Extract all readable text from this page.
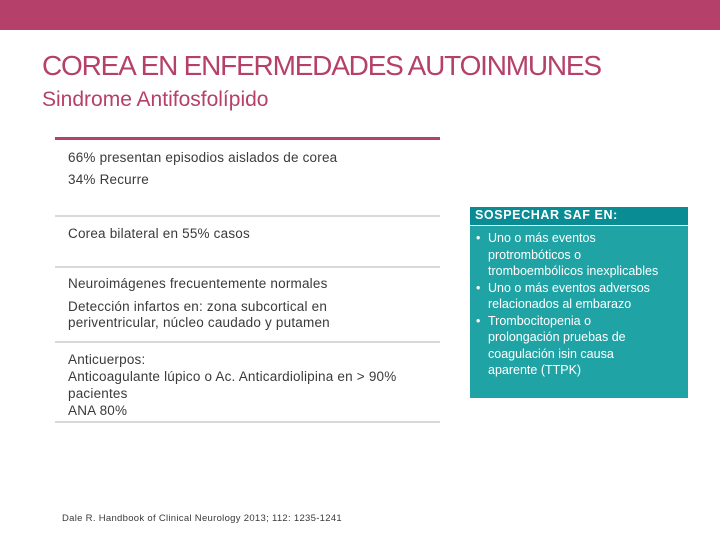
COREA EN ENFERMEDADES AUTOINMUNES
Sindrome Antifosfolípido
66% presentan episodios aislados de corea
34% Recurre
Corea bilateral en 55% casos
Neuroimágenes frecuentemente normales
Detección infartos en: zona subcortical en
periventricular, núcleo caudado y putamen
Anticuerpos:
Anticoagulante lúpico o Ac. Anticardiolipina en > 90%
pacientes
ANA 80%
Dale R. Handbook of Clinical Neurology 2013; 112: 1235-1241
SOSPECHAR SAF EN:
• Uno o más eventos
protrombóticos o
tromboembólicos inexplicables
• Uno o más eventos adversos
relacionados al embarazo
• Trombocitopenia o
prolongación pruebas de
coagulación isin causa
aparente (TTPK)
